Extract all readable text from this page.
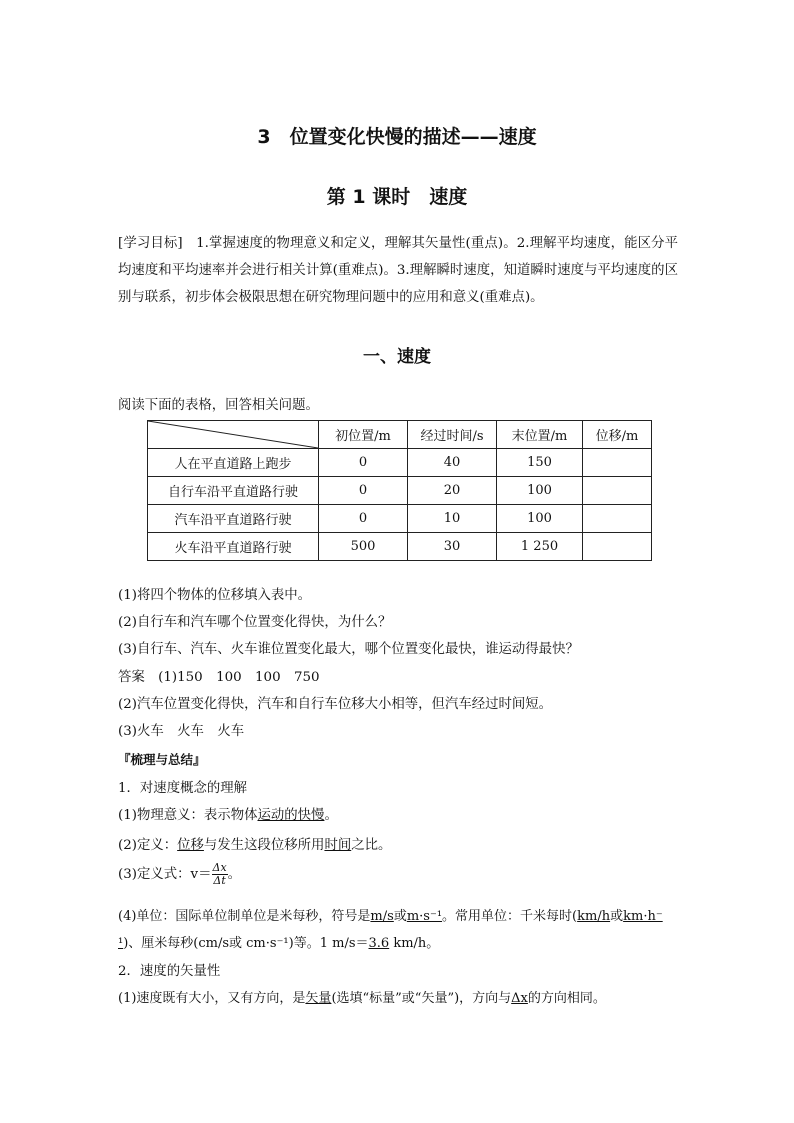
3　位置变化快慢的描述——速度
第 1 课时　速度
[学习目标]　1.掌握速度的物理意义和定义，理解其矢量性(重点)。2.理解平均速度，能区分平均速度和平均速率并会进行相关计算(重难点)。3.理解瞬时速度，知道瞬时速度与平均速度的区别与联系，初步体会极限思想在研究物理问题中的应用和意义(重难点)。
一、速度
阅读下面的表格，回答相关问题。
	初位置/m	经过时间/s	末位置/m	位移/m
人在平直道路上跑步	0	40	150	
自行车沿平直道路行驶	0	20	100	
汽车沿平直道路行驶	0	10	100	
火车沿平直道路行驶	500	30	1 250	
(1)将四个物体的位移填入表中。
(2)自行车和汽车哪个位置变化得快，为什么？
(3)自行车、汽车、火车谁位置变化最大，哪个位置变化最快，谁运动得最快？
答案　(1)150　100　100　750
(2)汽车位置变化得快，汽车和自行车位移大小相等，但汽车经过时间短。
(3)火车　火车　火车
『梳理与总结』
1．对速度概念的理解
(1)物理意义：表示物体运动的快慢。
(2)定义：位移与发生这段位移所用时间之比。
(3)定义式：$v= \frac{\Delta x}{\Delta t}$ 。
(4)单位：国际单位制单位是米每秒，符号是m/s或m·s⁻¹。常用单位：千米每时(km/h或km·h⁻
¹)、厘米每秒(cm/s或 cm·s⁻¹)等。1 m/s＝3.6 km/h。
2．速度的矢量性
(1)速度既有大小，又有方向，是矢量(选填“标量”或“矢量”)，方向与Δx的方向相同。
